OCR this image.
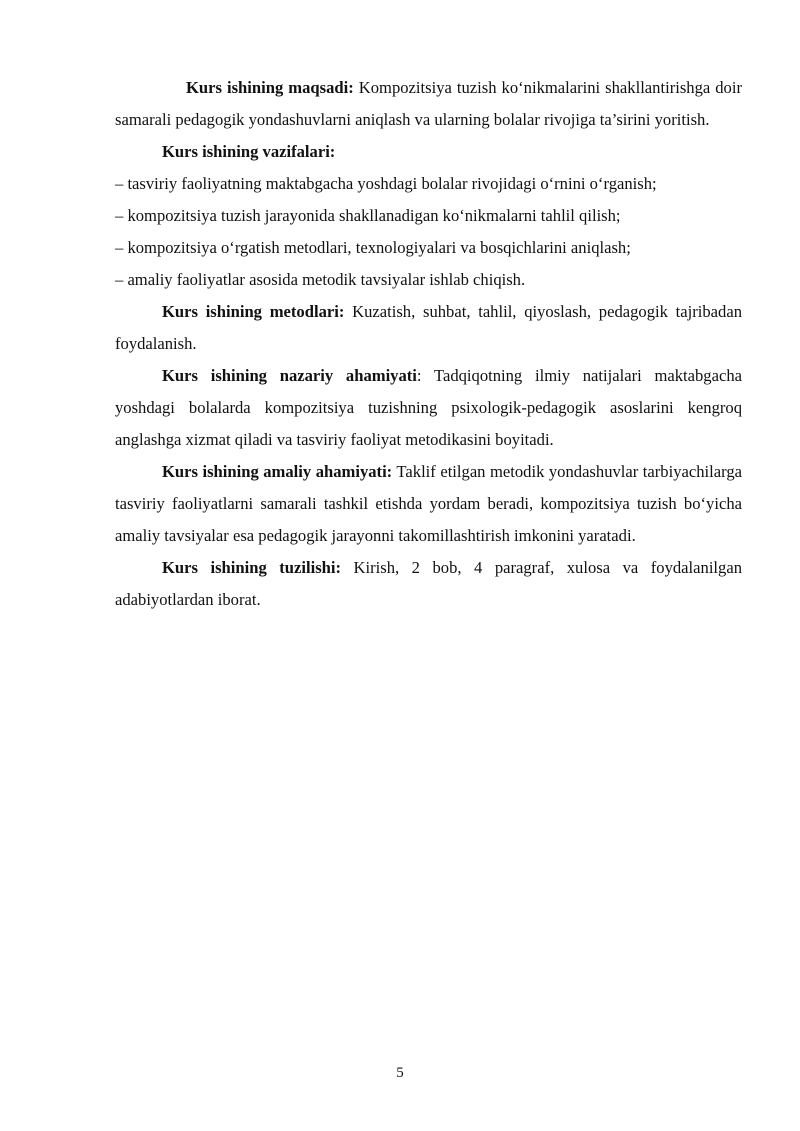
Kurs ishining maqsadi: Kompozitsiya tuzish ko‘nikmalarini shakllantirishga doir samarali pedagogik yondashuvlarni aniqlash va ularning bolalar rivojiga ta’sirini yoritish.

Kurs ishining vazifalari:

– tasviriy faoliyatning maktabgacha yoshdagi bolalar rivojidagi o‘rnini o‘rganish;

– kompozitsiya tuzish jarayonida shakllanadigan ko‘nikmalarni tahlil qilish;

– kompozitsiya o‘rgatish metodlari, texnologiyalari va bosqichlarini aniqlash;

– amaliy faoliyatlar asosida metodik tavsiyalar ishlab chiqish.

Kurs ishining metodlari: Kuzatish, suhbat, tahlil, qiyoslash, pedagogik tajribadan foydalanish.

Kurs ishining nazariy ahamiyati: Tadqiqotning ilmiy natijalari maktabgacha yoshdagi bolalarda kompozitsiya tuzishning psixologik-pedagogik asoslarini kengroq anglashga xizmat qiladi va tasviriy faoliyat metodikasini boyitadi.

Kurs ishining amaliy ahamiyati: Taklif etilgan metodik yondashuvlar tarbiyachilarga tasviriy faoliyatlarni samarali tashkil etishda yordam beradi, kompozitsiya tuzish bo‘yicha amaliy tavsiyalar esa pedagogik jarayonni takomillashtirish imkonini yaratadi.

Kurs ishining tuzilishi: Kirish, 2 bob, 4 paragraf, xulosa va foydalanilgan adabiyotlardan iborat.

5
